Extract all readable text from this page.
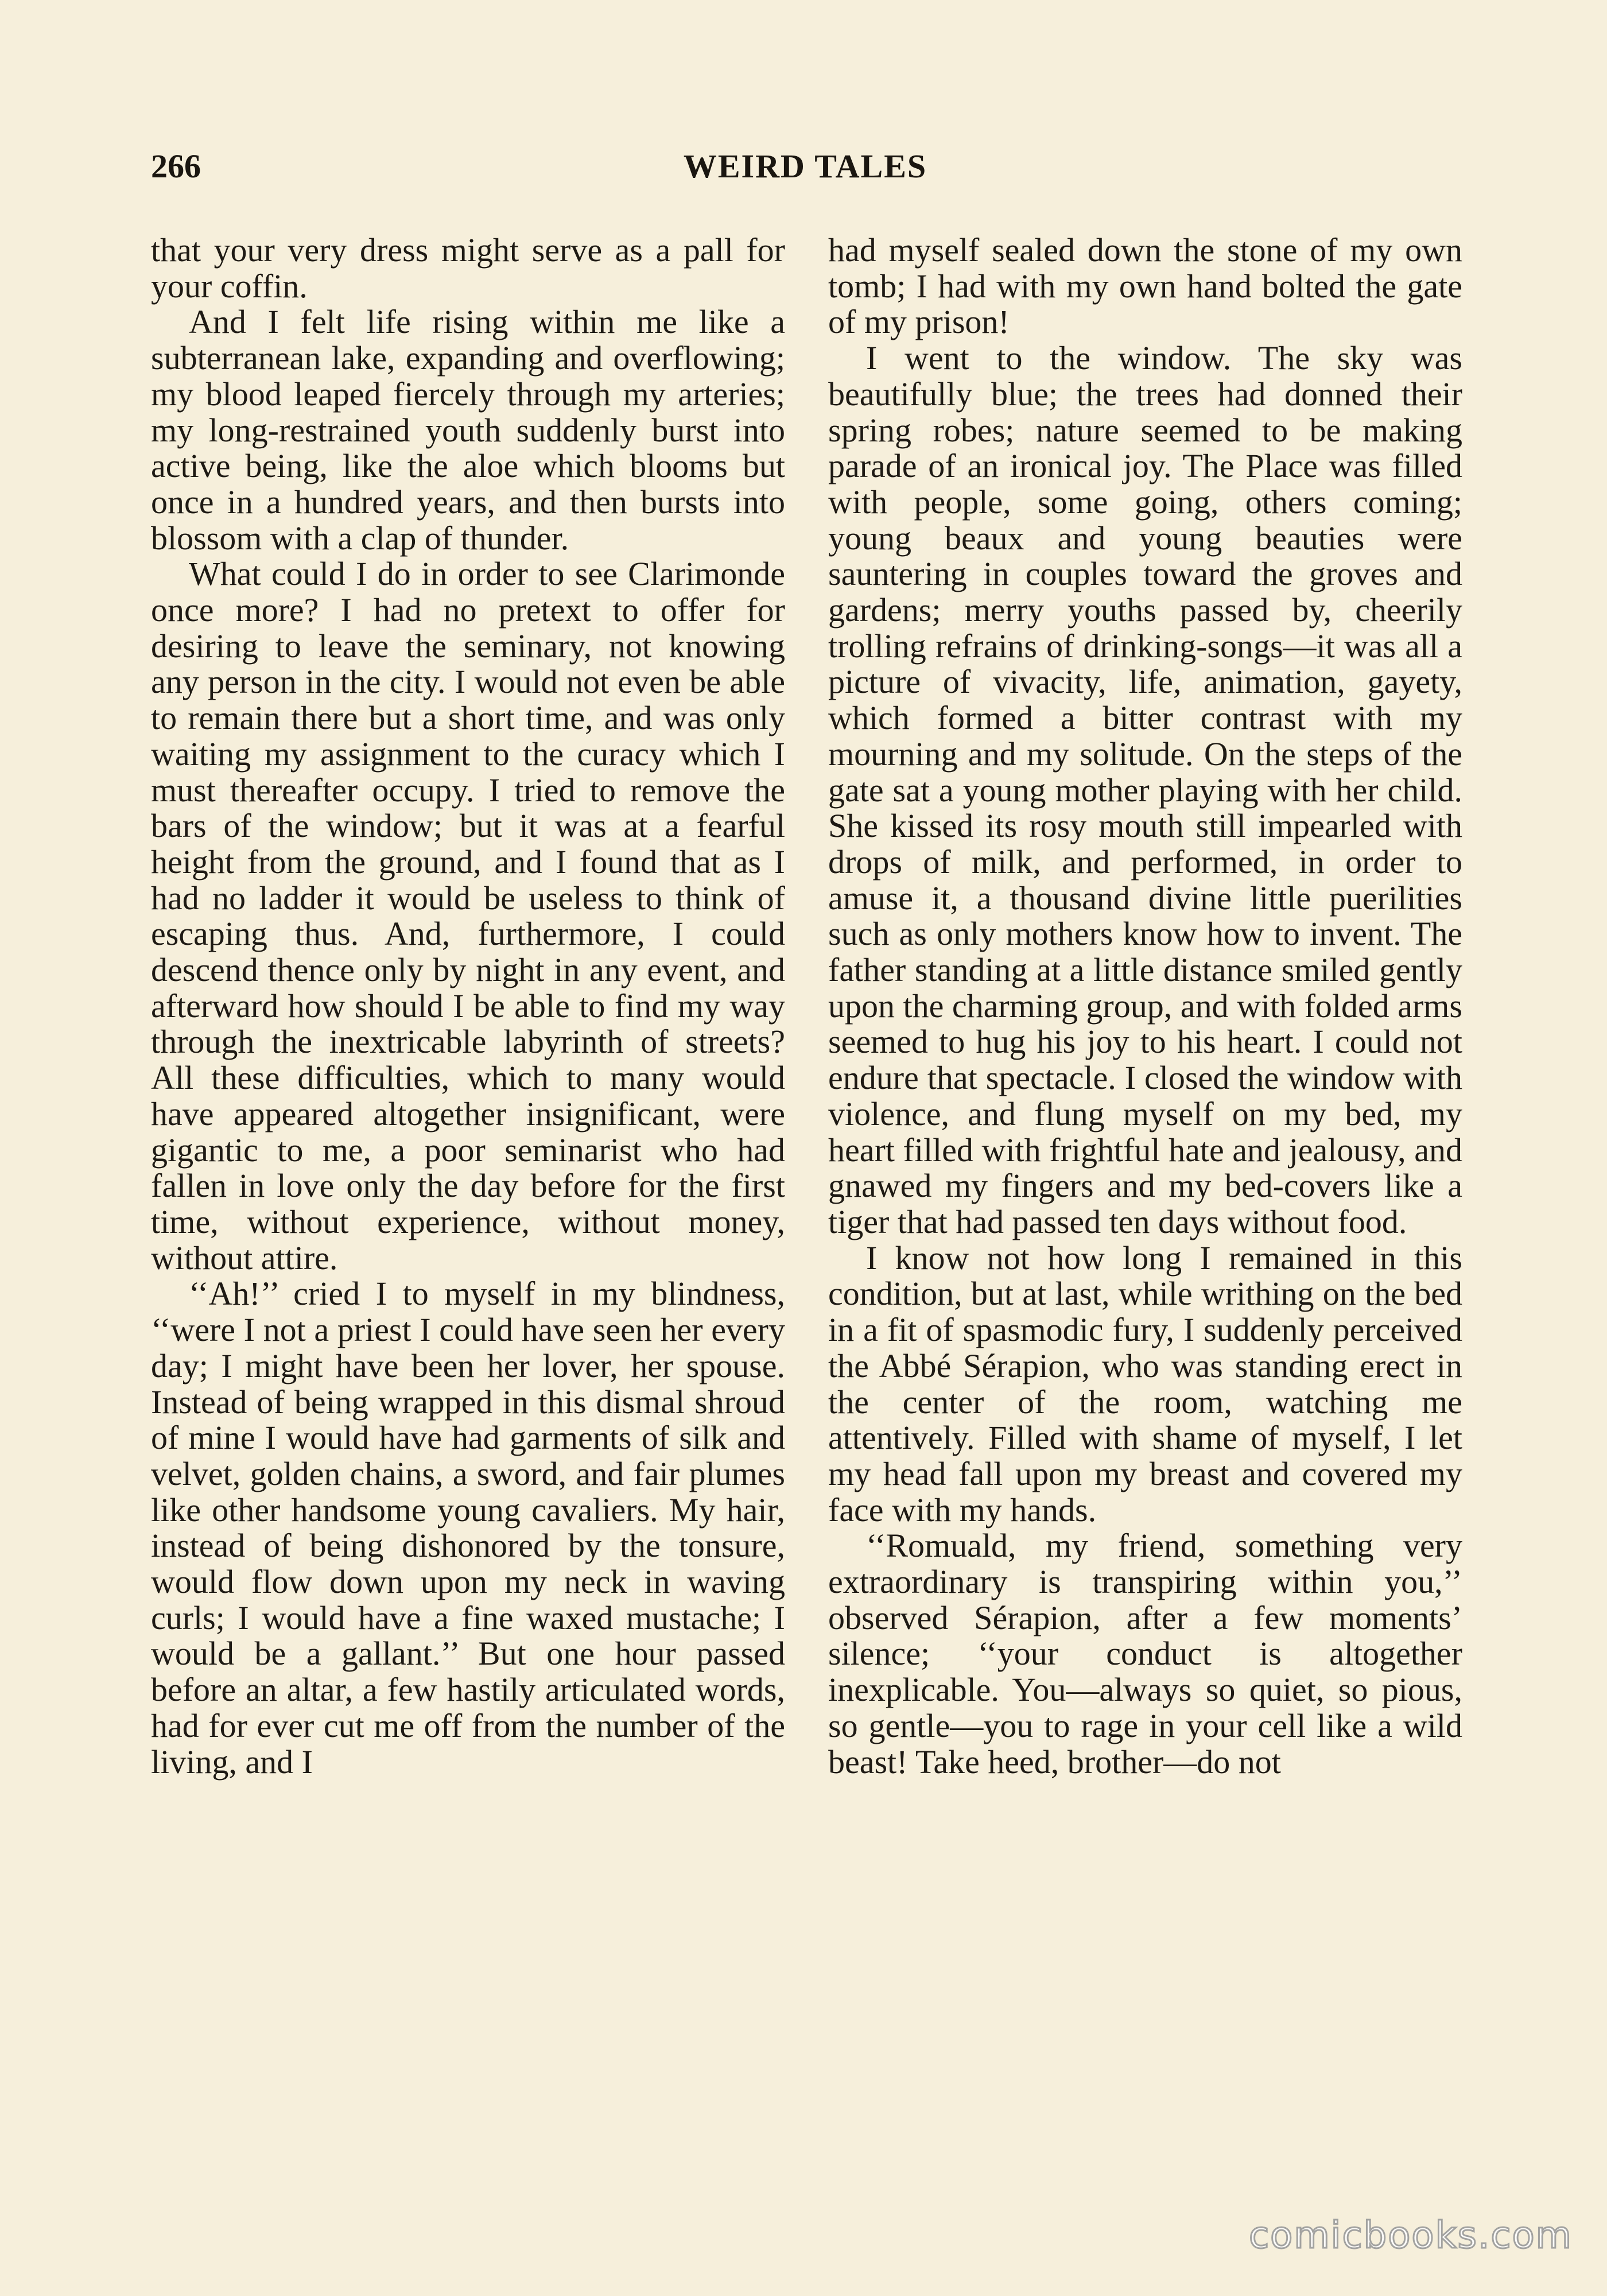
266	WEIRD TALES

that your very dress might serve as a pall for your coffin.

And I felt life rising within me like a subterranean lake, expanding and overflowing; my blood leaped fiercely through my arteries; my long-restrained youth suddenly burst into active being, like the aloe which blooms but once in a hundred years, and then bursts into blossom with a clap of thunder.

What could I do in order to see Clarimonde once more? I had no pretext to offer for desiring to leave the seminary, not knowing any person in the city. I would not even be able to remain there but a short time, and was only waiting my assignment to the curacy which I must thereafter occupy. I tried to remove the bars of the window; but it was at a fearful height from the ground, and I found that as I had no ladder it would be useless to think of escaping thus. And, furthermore, I could descend thence only by night in any event, and afterward how should I be able to find my way through the inextricable labyrinth of streets? All these difficulties, which to many would have appeared altogether insignificant, were gigantic to me, a poor seminarist who had fallen in love only the day before for the first time, without experience, without money, without attire.

‘‘Ah!’’ cried I to myself in my blindness, ‘‘were I not a priest I could have seen her every day; I might have been her lover, her spouse. Instead of being wrapped in this dismal shroud of mine I would have had garments of silk and velvet, golden chains, a sword, and fair plumes like other handsome young cavaliers. My hair, instead of being dishonored by the tonsure, would flow down upon my neck in waving curls; I would have a fine waxed mustache; I would be a gallant.’’ But one hour passed before an altar, a few hastily articulated words, had for ever cut me off from the number of the living, and I

had myself sealed down the stone of my own tomb; I had with my own hand bolted the gate of my prison!

I went to the window. The sky was beautifully blue; the trees had donned their spring robes; nature seemed to be making parade of an ironical joy. The Place was filled with people, some going, others coming; young beaux and young beauties were sauntering in couples toward the groves and gardens; merry youths passed by, cheerily trolling refrains of drinking-songs—it was all a picture of vivacity, life, animation, gayety, which formed a bitter contrast with my mourning and my solitude. On the steps of the gate sat a young mother playing with her child. She kissed its rosy mouth still impearled with drops of milk, and performed, in order to amuse it, a thousand divine little puerilities such as only mothers know how to invent. The father standing at a little distance smiled gently upon the charming group, and with folded arms seemed to hug his joy to his heart. I could not endure that spectacle. I closed the window with violence, and flung myself on my bed, my heart filled with frightful hate and jealousy, and gnawed my fingers and my bed-covers like a tiger that had passed ten days without food.

I know not how long I remained in this condition, but at last, while writhing on the bed in a fit of spasmodic fury, I suddenly perceived the Abbé Sérapion, who was standing erect in the center of the room, watching me attentively. Filled with shame of myself, I let my head fall upon my breast and covered my face with my hands.

‘‘Romuald, my friend, something very extraordinary is transpiring within you,’’ observed Sérapion, after a few moments’ silence; ‘‘your conduct is altogether inexplicable. You—always so quiet, so pious, so gentle—you to rage in your cell like a wild beast! Take heed, brother—do not

comicbooks.com
